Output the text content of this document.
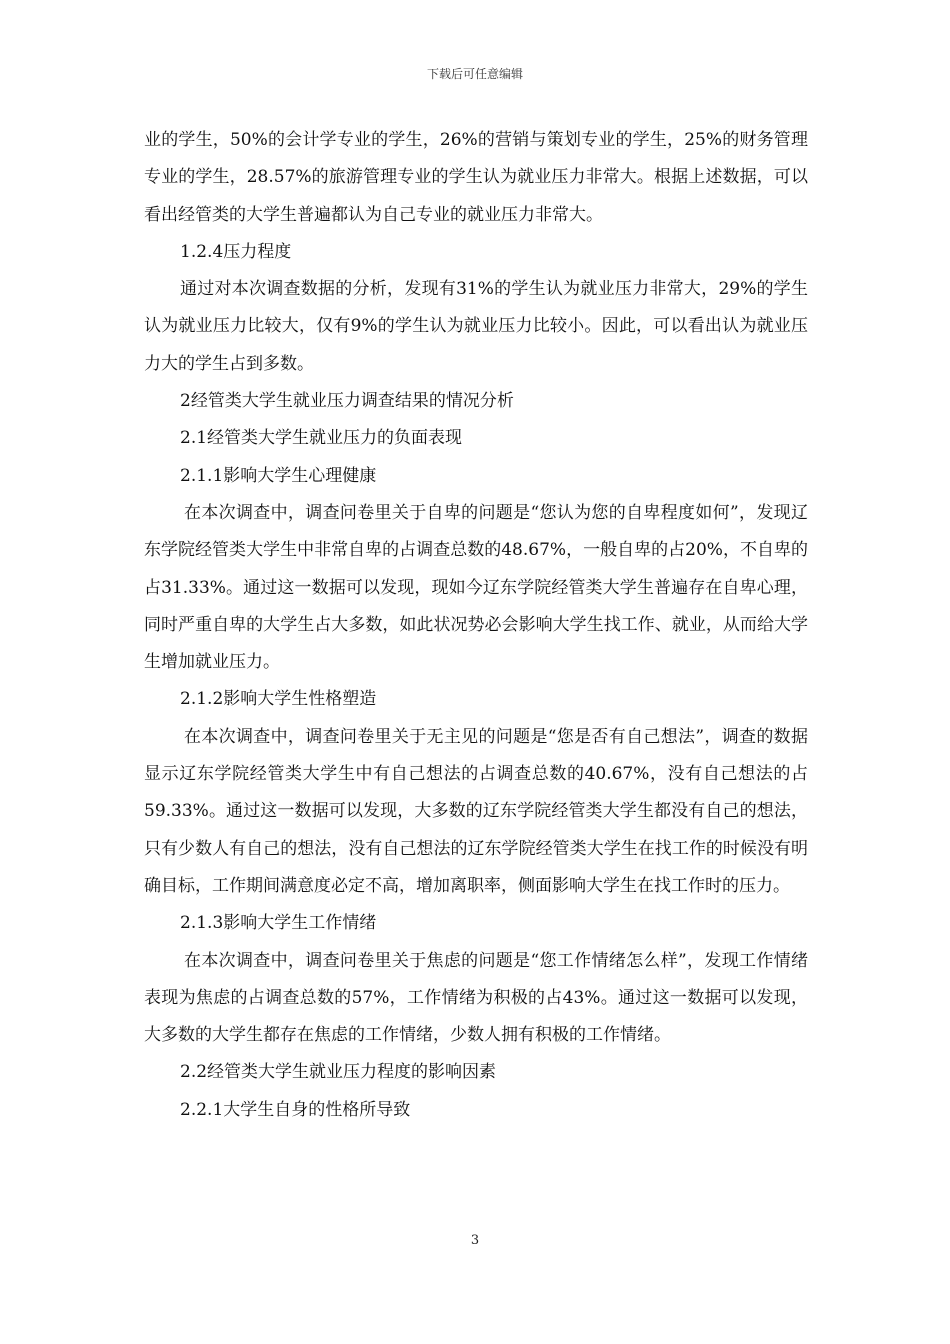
下载后可任意编辑

业的学生，50%的会计学专业的学生，26%的营销与策划专业的学生，25%的财务管理专业的学生，28.57%的旅游管理专业的学生认为就业压力非常大。根据上述数据，可以看出经管类的大学生普遍都认为自己专业的就业压力非常大。

1.2.4压力程度

通过对本次调查数据的分析，发现有31%的学生认为就业压力非常大，29%的学生认为就业压力比较大，仅有9%的学生认为就业压力比较小。因此，可以看出认为就业压力大的学生占到多数。

2经管类大学生就业压力调查结果的情况分析

2.1经管类大学生就业压力的负面表现

2.1.1影响大学生心理健康

在本次调查中，调查问卷里关于自卑的问题是“您认为您的自卑程度如何”，发现辽东学院经管类大学生中非常自卑的占调查总数的48.67%，一般自卑的占20%，不自卑的占31.33%。通过这一数据可以发现，现如今辽东学院经管类大学生普遍存在自卑心理，同时严重自卑的大学生占大多数，如此状况势必会影响大学生找工作、就业，从而给大学生增加就业压力。

2.1.2影响大学生性格塑造

在本次调查中，调查问卷里关于无主见的问题是“您是否有自己想法”，调查的数据显示辽东学院经管类大学生中有自己想法的占调查总数的40.67%，没有自己想法的占59.33%。通过这一数据可以发现，大多数的辽东学院经管类大学生都没有自己的想法，只有少数人有自己的想法，没有自己想法的辽东学院经管类大学生在找工作的时候没有明确目标，工作期间满意度必定不高，增加离职率，侧面影响大学生在找工作时的压力。

2.1.3影响大学生工作情绪

在本次调查中，调查问卷里关于焦虑的问题是“您工作情绪怎么样”，发现工作情绪表现为焦虑的占调查总数的57%，工作情绪为积极的占43%。通过这一数据可以发现，大多数的大学生都存在焦虑的工作情绪，少数人拥有积极的工作情绪。

2.2经管类大学生就业压力程度的影响因素

2.2.1大学生自身的性格所导致

3
